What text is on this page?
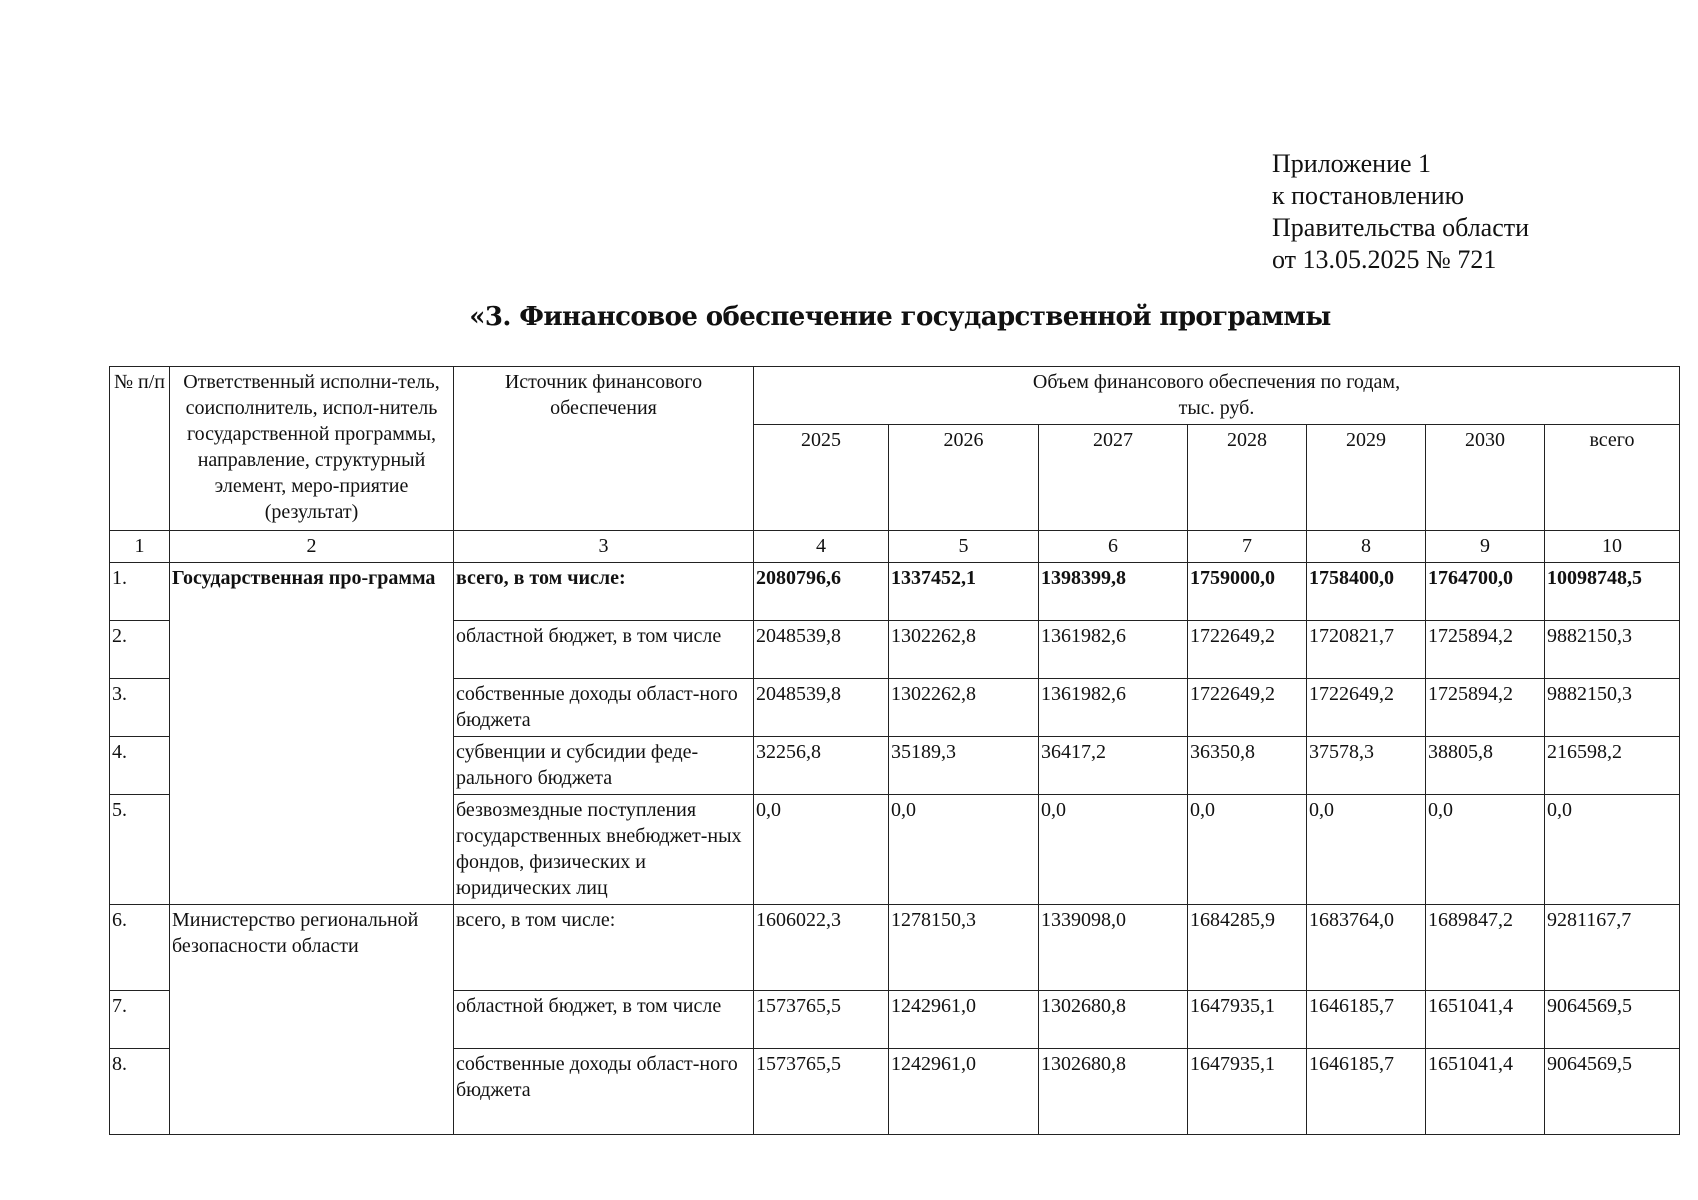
Приложение 1
к постановлению
Правительства области
от 13.05.2025 № 721
«3. Финансовое обеспечение государственной программы
№ п/п	Ответственный исполни-тель, соисполнитель, испол-нитель государственной программы, направление, структурный элемент, меро-приятие (результат)	Источник финансового обеспечения	Объем финансового обеспечения по годам,
тыс. руб.						

			2025	2026	2027	2028	2029	2030	всего
1	2	3	4	5	6	7	8	9	10
1.	Государственная про-грамма	всего, в том числе:	2080796,6	1337452,1	1398399,8	1759000,0	1758400,0	1764700,0	10098748,5
2.		областной бюджет, в том числе	2048539,8	1302262,8	1361982,6	1722649,2	1720821,7	1725894,2	9882150,3
3.		собственные доходы област-ного бюджета	2048539,8	1302262,8	1361982,6	1722649,2	1722649,2	1725894,2	9882150,3
4.		субвенции и субсидии феде-рального бюджета	32256,8	35189,3	36417,2	36350,8	37578,3	38805,8	216598,2
5.		безвозмездные поступления государственных внебюджет-ных фондов, физических и юридических лиц	0,0	0,0	0,0	0,0	0,0	0,0	0,0
6.	Министерство региональной безопасности области	всего, в том числе:	1606022,3	1278150,3	1339098,0	1684285,9	1683764,0	1689847,2	9281167,7
7.		областной бюджет, в том числе	1573765,5	1242961,0	1302680,8	1647935,1	1646185,7	1651041,4	9064569,5
8.		собственные доходы област-ного бюджета	1573765,5	1242961,0	1302680,8	1647935,1	1646185,7	1651041,4	9064569,5
